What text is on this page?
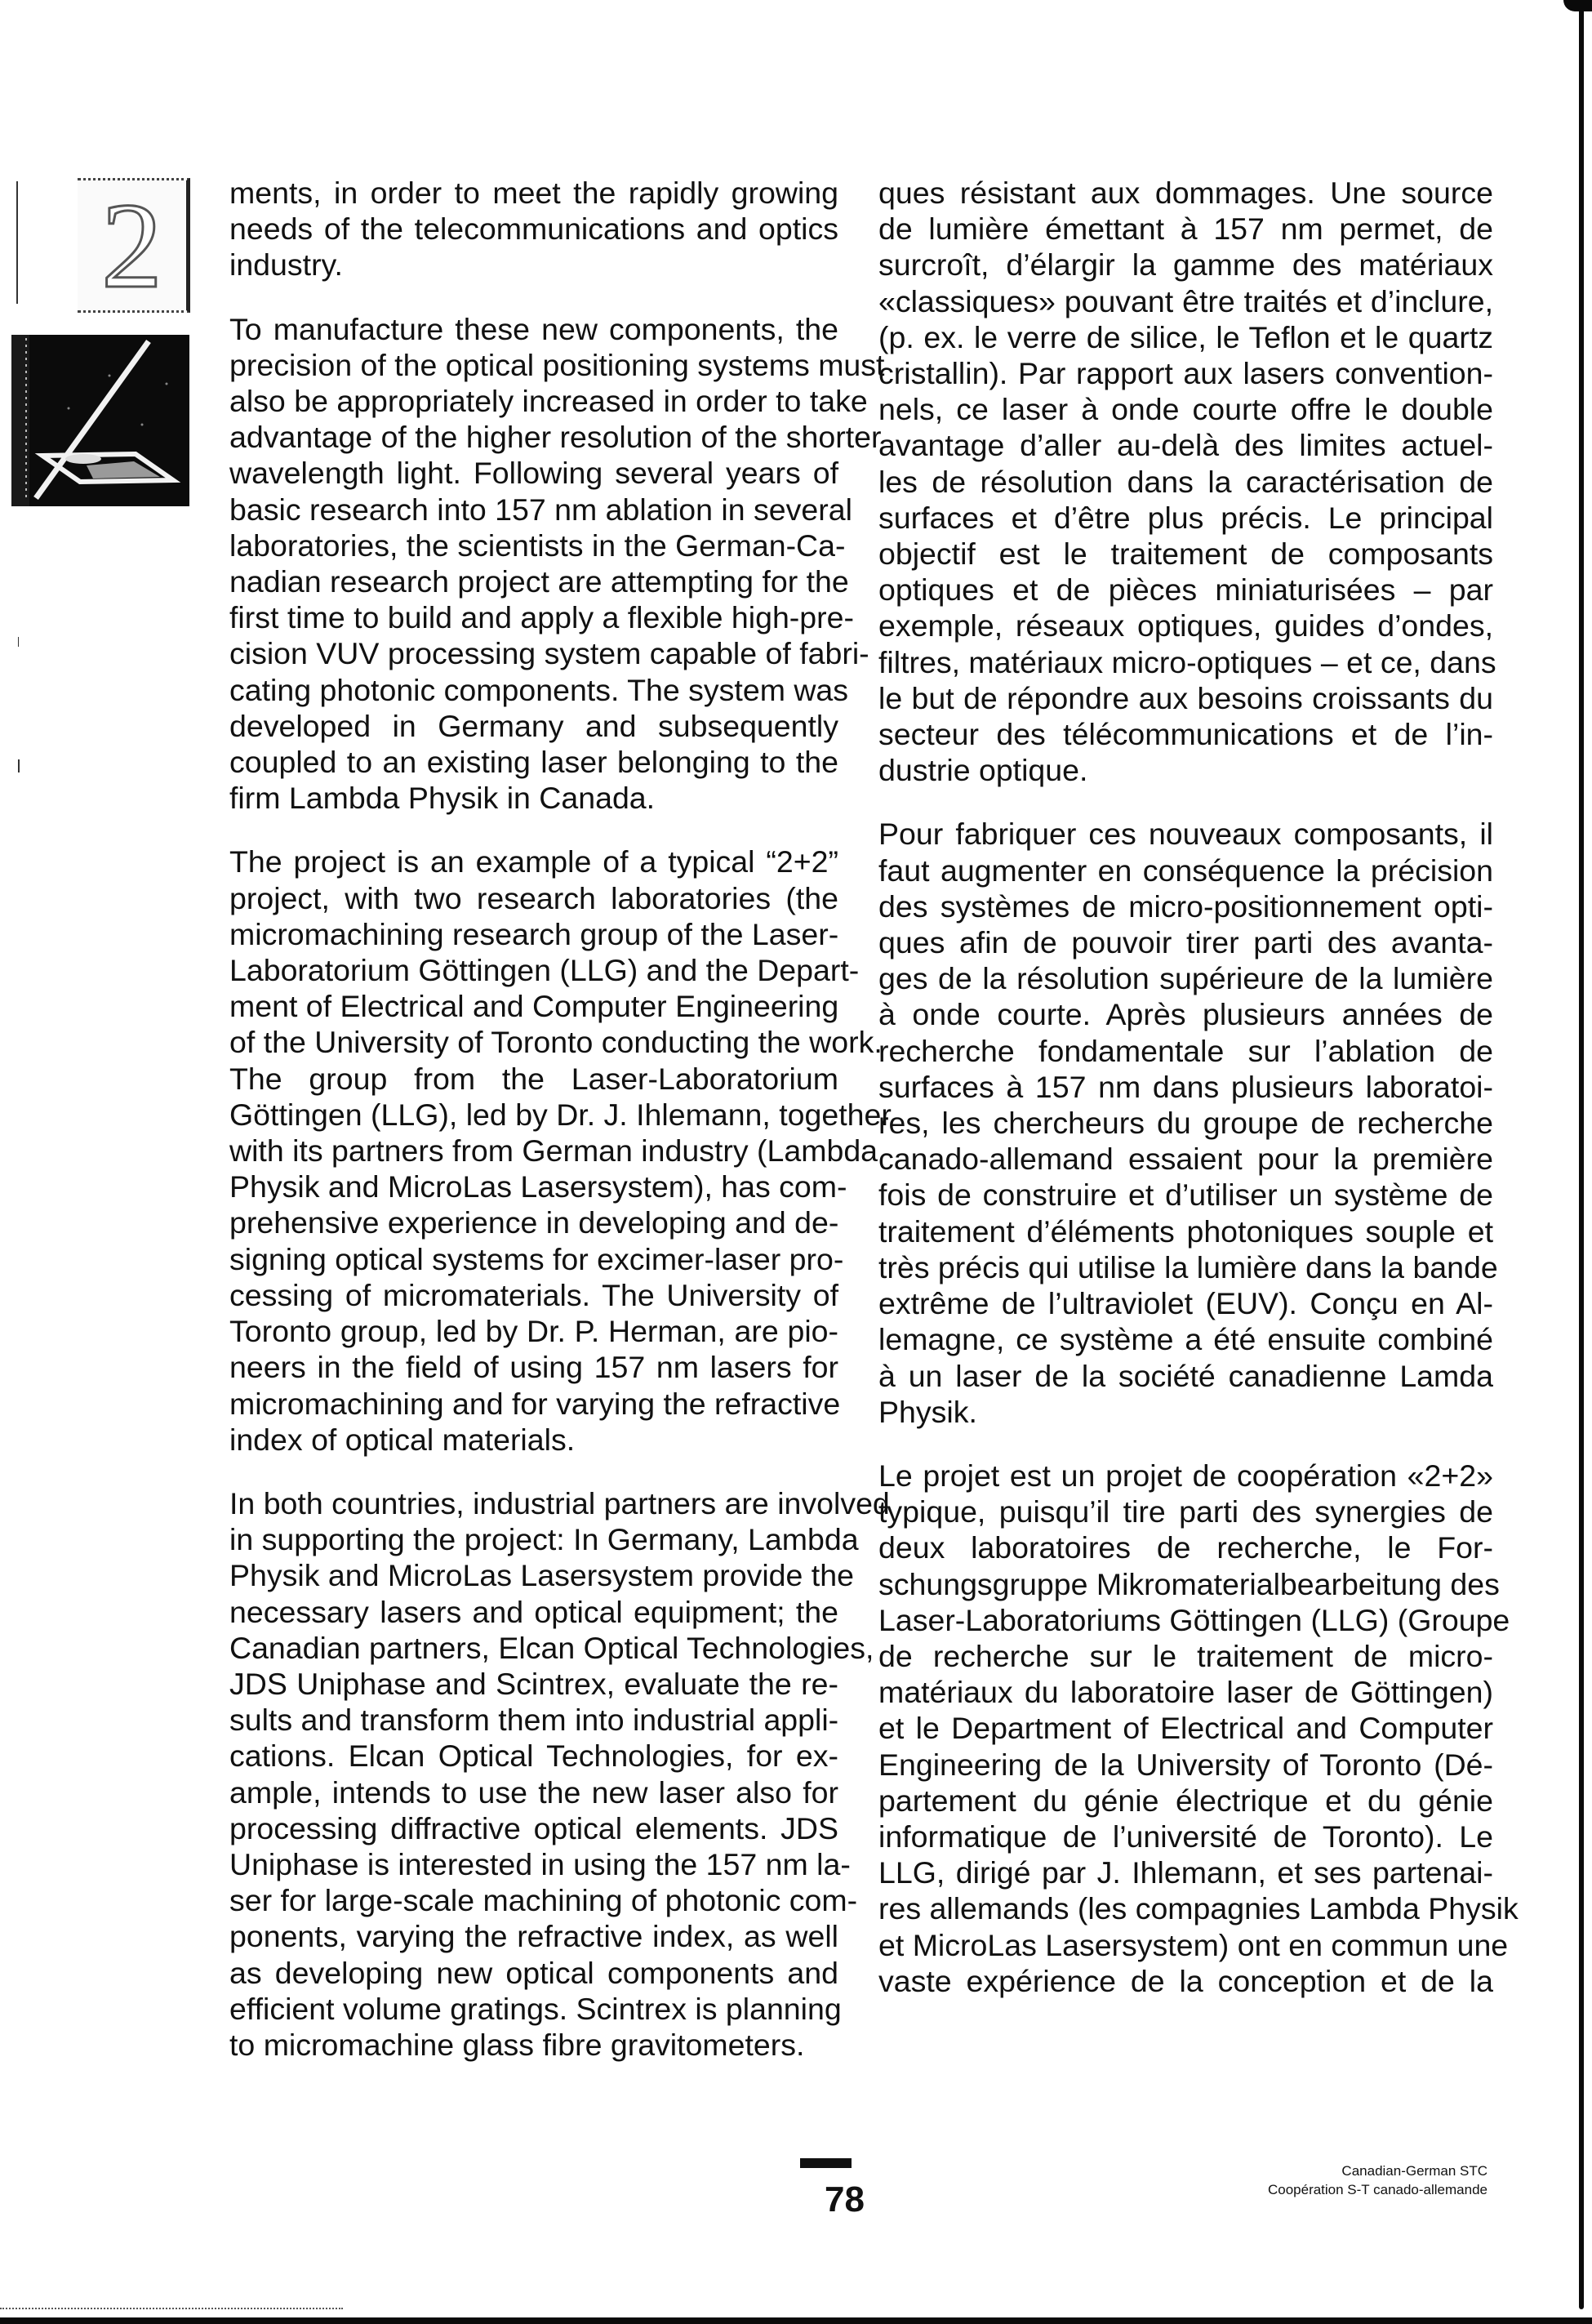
2	ments, in order to meet the rapidly growing
needs of the telecommunications and optics
industry.
To manufacture these new components, the
precision of the optical positioning systems must
also be appropriately increased in order to take
advantage of the higher resolution of the shorter
wavelength light. Following several years of
basic research into 157 nm ablation in several
laboratories, the scientists in the German-Ca-
nadian research project are attempting for the
first time to build and apply a flexible high-pre-
cision VUV processing system capable of fabri-
cating photonic components. The system was
developed in Germany and subsequently
coupled to an existing laser belonging to the
firm Lambda Physik in Canada.
The project is an example of a typical “2+2”
project, with two research laboratories (the
micromachining research group of the Laser-
Laboratorium Göttingen (LLG) and the Depart-
ment of Electrical and Computer Engineering
of the University of Toronto conducting the work.
The group from the Laser-Laboratorium
Göttingen (LLG), led by Dr. J. Ihlemann, together
with its partners from German industry (Lambda
Physik and MicroLas Lasersystem), has com-
prehensive experience in developing and de-
signing optical systems for excimer-laser pro-
cessing of micromaterials. The University of
Toronto group, led by Dr. P. Herman, are pio-
neers in the field of using 157 nm lasers for
micromachining and for varying the refractive
index of optical materials.
In both countries, industrial partners are involved
in supporting the project: In Germany, Lambda
Physik and MicroLas Lasersystem provide the
necessary lasers and optical equipment; the
Canadian partners, Elcan Optical Technologies,
JDS Uniphase and Scintrex, evaluate the re-
sults and transform them into industrial appli-
cations. Elcan Optical Technologies, for ex-
ample, intends to use the new laser also for
processing diffractive optical elements. JDS
Uniphase is interested in using the 157 nm la-
ser for large-scale machining of photonic com-
ponents, varying the refractive index, as well
as developing new optical components and
efficient volume gratings. Scintrex is planning
to micromachine glass fibre gravitometers.
ques résistant aux dommages. Une source
de lumière émettant à 157 nm permet, de
surcroît, d’élargir la gamme des matériaux
«classiques» pouvant être traités et d’inclure,
(p. ex. le verre de silice, le Teflon et le quartz
cristallin). Par rapport aux lasers convention-
nels, ce laser à onde courte offre le double
avantage d’aller au-delà des limites actuel-
les de résolution dans la caractérisation de
surfaces et d’être plus précis. Le principal
objectif est le traitement de composants
optiques et de pièces miniaturisées – par
exemple, réseaux optiques, guides d’ondes,
filtres, matériaux micro-optiques – et ce, dans
le but de répondre aux besoins croissants du
secteur des télécommunications et de l’in-
dustrie optique.
Pour fabriquer ces nouveaux composants, il
faut augmenter en conséquence la précision
des systèmes de micro-positionnement opti-
ques afin de pouvoir tirer parti des avanta-
ges de la résolution supérieure de la lumière
à onde courte. Après plusieurs années de
recherche fondamentale sur l’ablation de
surfaces à 157 nm dans plusieurs laboratoi-
res, les chercheurs du groupe de recherche
canado-allemand essaient pour la première
fois de construire et d’utiliser un système de
traitement d’éléments photoniques souple et
très précis qui utilise la lumière dans la bande
extrême de l’ultraviolet (EUV). Conçu en Al-
lemagne, ce système a été ensuite combiné
à un laser de la société canadienne Lamda
Physik.
Le projet est un projet de coopération «2+2»
typique, puisqu’il tire parti des synergies de
deux laboratoires de recherche, le For-
schungsgruppe Mikromaterialbearbeitung des
Laser-Laboratoriums Göttingen (LLG) (Groupe
de recherche sur le traitement de micro-
matériaux du laboratoire laser de Göttingen)
et le Department of Electrical and Computer
Engineering de la University of Toronto (Dé-
partement du génie électrique et du génie
informatique de l’université de Toronto). Le
LLG, dirigé par J. Ihlemann, et ses partenai-
res allemands (les compagnies Lambda Physik
et MicroLas Lasersystem) ont en commun une
vaste expérience de la conception et de la
78
Canadian-German STC
Coopération S-T canado-allemande
